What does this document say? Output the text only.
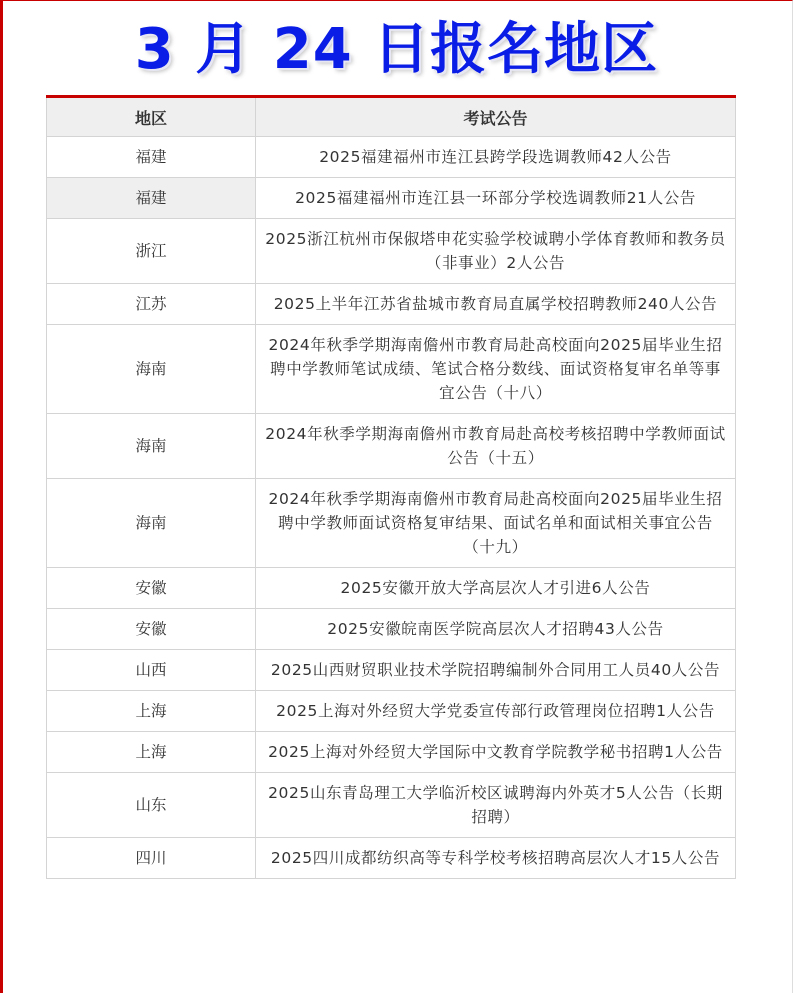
3 月 24 日报名地区
地区	考试公告
福建	2025福建福州市连江县跨学段选调教师42人公告
福建	2025福建福州市连江县一环部分学校选调教师21人公告
浙江	2025浙江杭州市保俶塔申花实验学校诚聘小学体育教师和教务员（非事业）2人公告
江苏	2025上半年江苏省盐城市教育局直属学校招聘教师240人公告
海南	2024年秋季学期海南儋州市教育局赴高校面向2025届毕业生招聘中学教师笔试成绩、笔试合格分数线、面试资格复审名单等事宜公告（十八）
海南	2024年秋季学期海南儋州市教育局赴高校考核招聘中学教师面试公告（十五）
海南	2024年秋季学期海南儋州市教育局赴高校面向2025届毕业生招聘中学教师面试资格复审结果、面试名单和面试相关事宜公告（十九）
安徽	2025安徽开放大学高层次人才引进6人公告
安徽	2025安徽皖南医学院高层次人才招聘43人公告
山西	2025山西财贸职业技术学院招聘编制外合同用工人员40人公告
上海	2025上海对外经贸大学党委宣传部行政管理岗位招聘1人公告
上海	2025上海对外经贸大学国际中文教育学院教学秘书招聘1人公告
山东	2025山东青岛理工大学临沂校区诚聘海内外英才5人公告（长期招聘）
四川	2025四川成都纺织高等专科学校考核招聘高层次人才15人公告
